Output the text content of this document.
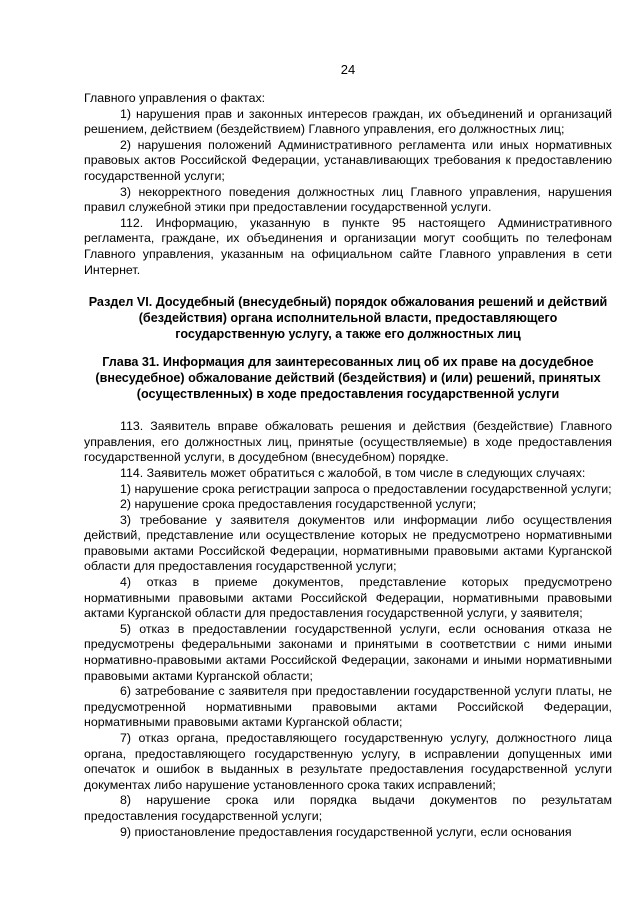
24

Главного управления о фактах:

1) нарушения прав и законных интересов граждан, их объединений и организаций решением, действием (бездействием) Главного управления, его должностных лиц;

2) нарушения положений Административного регламента или иных нормативных правовых актов Российской Федерации, устанавливающих требования к предоставлению государственной услуги;

3) некорректного поведения должностных лиц Главного управления, нарушения правил служебной этики при предоставлении государственной услуги.

112. Информацию, указанную в пункте 95 настоящего Административного регламента, граждане, их объединения и организации могут сообщить по телефонам Главного управления, указанным на официальном сайте Главного управления в сети Интернет.

Раздел VI. Досудебный (внесудебный) порядок обжалования решений и действий (бездействия) органа исполнительной власти, предоставляющего государственную услугу, а также его должностных лиц

Глава 31. Информация для заинтересованных лиц об их праве на досудебное (внесудебное) обжалование действий (бездействия) и (или) решений, принятых (осуществленных) в ходе предоставления государственной услуги

113. Заявитель вправе обжаловать решения и действия (бездействие) Главного управления, его должностных лиц, принятые (осуществляемые) в ходе предоставления государственной услуги, в досудебном (внесудебном) порядке.

114. Заявитель может обратиться с жалобой, в том числе в следующих случаях:

1) нарушение срока регистрации запроса о предоставлении государственной услуги;

2) нарушение срока предоставления государственной услуги;

3) требование у заявителя документов или информации либо осуществления действий, представление или осуществление которых не предусмотрено нормативными правовыми актами Российской Федерации, нормативными правовыми актами Курганской области для предоставления государственной услуги;

4) отказ в приеме документов, представление которых предусмотрено нормативными правовыми актами Российской Федерации, нормативными правовыми актами Курганской области для предоставления государственной услуги, у заявителя;

5) отказ в предоставлении государственной услуги, если основания отказа не предусмотрены федеральными законами и принятыми в соответствии с ними иными нормативно-правовыми актами Российской Федерации, законами и иными нормативными правовыми актами Курганской области;

6) затребование с заявителя при предоставлении государственной услуги платы, не предусмотренной нормативными правовыми актами Российской Федерации, нормативными правовыми актами Курганской области;

7) отказ органа, предоставляющего государственную услугу, должностного лица органа, предоставляющего государственную услугу, в исправлении допущенных ими опечаток и ошибок в выданных в результате предоставления государственной услуги документах либо нарушение установленного срока таких исправлений;

8) нарушение срока или порядка выдачи документов по результатам предоставления государственной услуги;

9) приостановление предоставления государственной услуги, если основания
